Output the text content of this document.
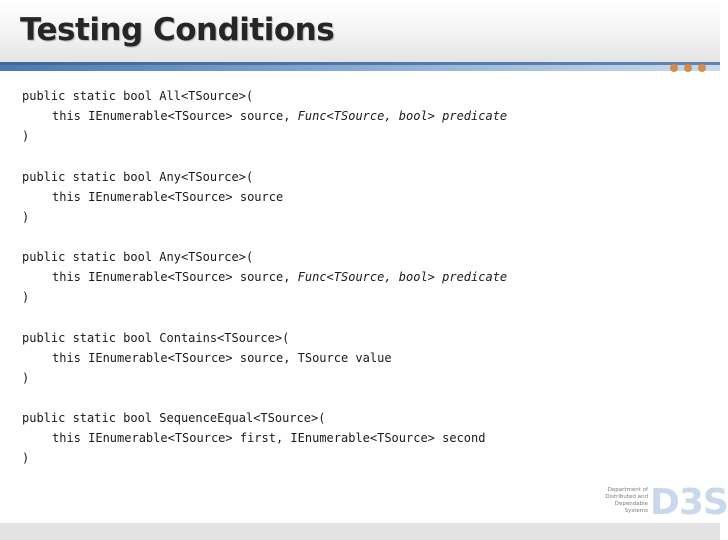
Testing Conditions
public static bool All<TSource>(
this IEnumerable<TSource> source, Func<TSource, bool> predicate
)
public static bool Any<TSource>(
this IEnumerable<TSource> source
)
public static bool Any<TSource>(
this IEnumerable<TSource> source, Func<TSource, bool> predicate
)
public static bool Contains<TSource>(
this IEnumerable<TSource> source, TSource value
)
public static bool SequenceEqual<TSource>(
this IEnumerable<TSource> first, IEnumerable<TSource> second
)
Department of Distributed and Dependable Systems D3S
